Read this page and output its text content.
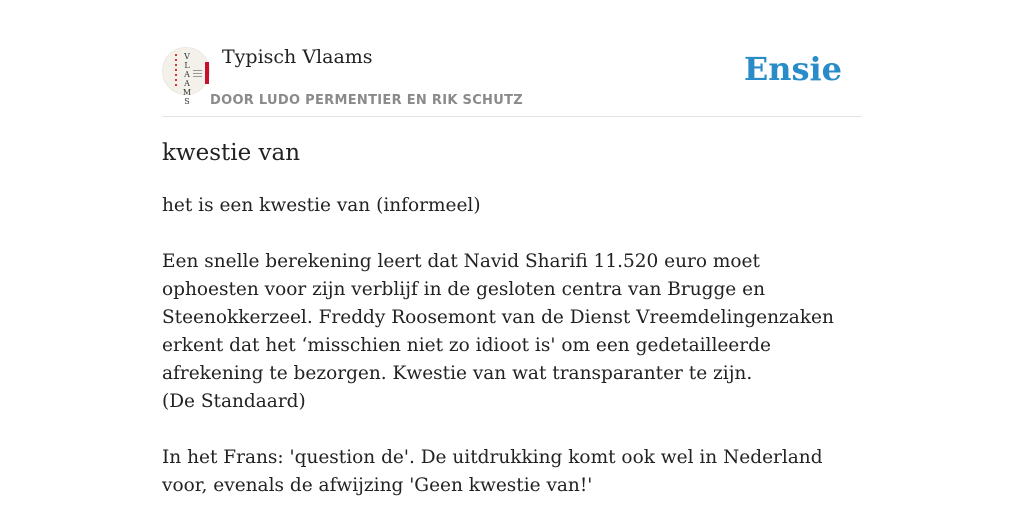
V
L
A
A
M
S
Typisch Vlaams
DOOR LUDO PERMENTIER EN RIK SCHUTZ
Ensie
kwestie van

het is een kwestie van (informeel)

Een snelle berekening leert dat Navid Sharifi 11.520 euro moet ophoesten voor zijn verblijf in de gesloten centra van Brugge en Steenokkerzeel. Freddy Roosemont van de Dienst Vreemdelingenzaken erkent dat het ‘misschien niet zo idioot is' om een gedetailleerde afrekening te bezorgen. Kwestie van wat transparanter te zijn.
(De Standaard)

In het Frans: 'question de'. De uitdrukking komt ook wel in Nederland voor, evenals de afwijzing 'Geen kwestie van!'
